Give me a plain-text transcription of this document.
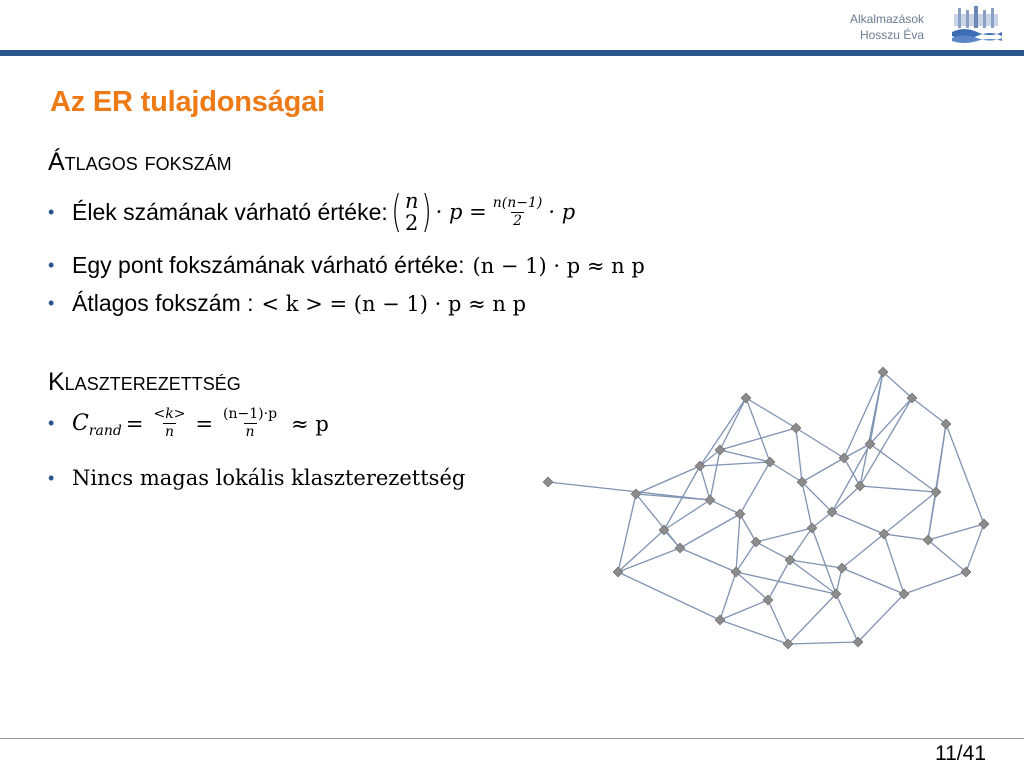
Alkalmazások
Hosszu Éva
Az ER tulajdonságai
Átlagos fokszám
• Élek számának várható értéke: ( n
2 ) · $p = \frac{n(n-1)}{2} \cdot p$
• Egy pont fokszámának várható értéke: (n − 1) · p ≈ n p
• Átlagos fokszám : < k > = (n − 1) · p ≈ n p
Klaszterezettség
• C rand = $\frac{<k>}{n} = \frac{(n-1)\cdot p}{n} \approx p$
• Nincs magas lokális klaszterezettség
11/41
